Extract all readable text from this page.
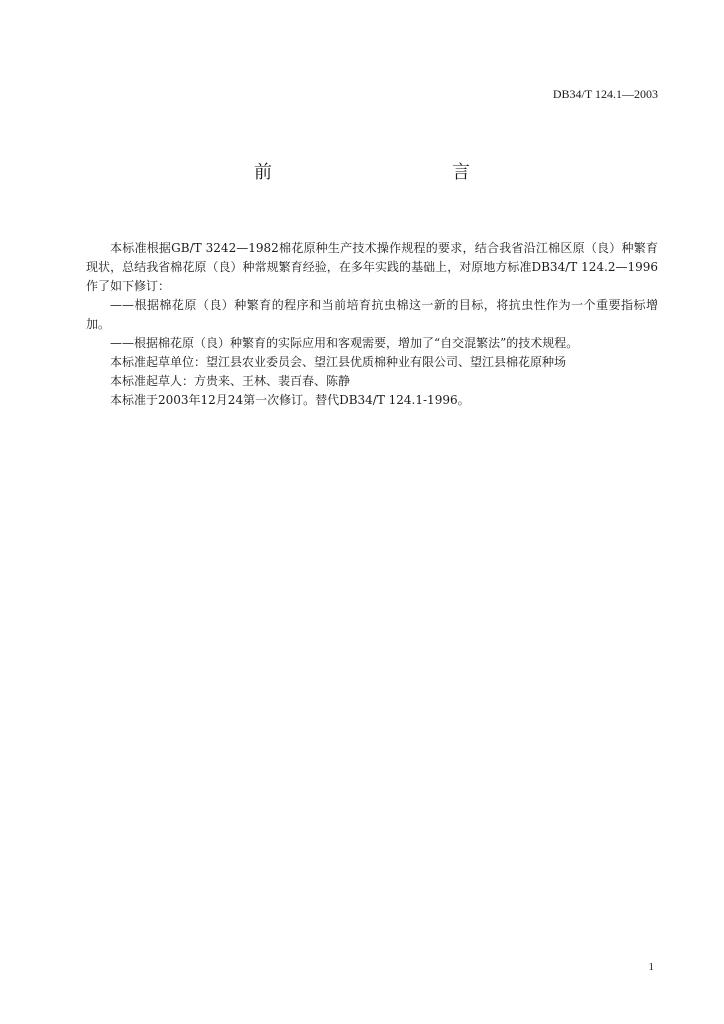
DB34/T 124.1—2003
前　　言

本标准根据GB/T 3242—1982棉花原种生产技术操作规程的要求，结合我省沿江棉区原（良）种繁育现状，总结我省棉花原（良）种常规繁育经验，在多年实践的基础上，对原地方标准DB34/T 124.2—1996作了如下修订：

——根据棉花原（良）种繁育的程序和当前培育抗虫棉这一新的目标，将抗虫性作为一个重要指标增加。

——根据棉花原（良）种繁育的实际应用和客观需要，增加了“自交混繁法”的技术规程。

本标准起草单位：望江县农业委员会、望江县优质棉种业有限公司、望江县棉花原种场

本标准起草人：方贵来、王林、裴百春、陈静

本标准于2003年12月24第一次修订。替代DB34/T 124.1-1996。

1
